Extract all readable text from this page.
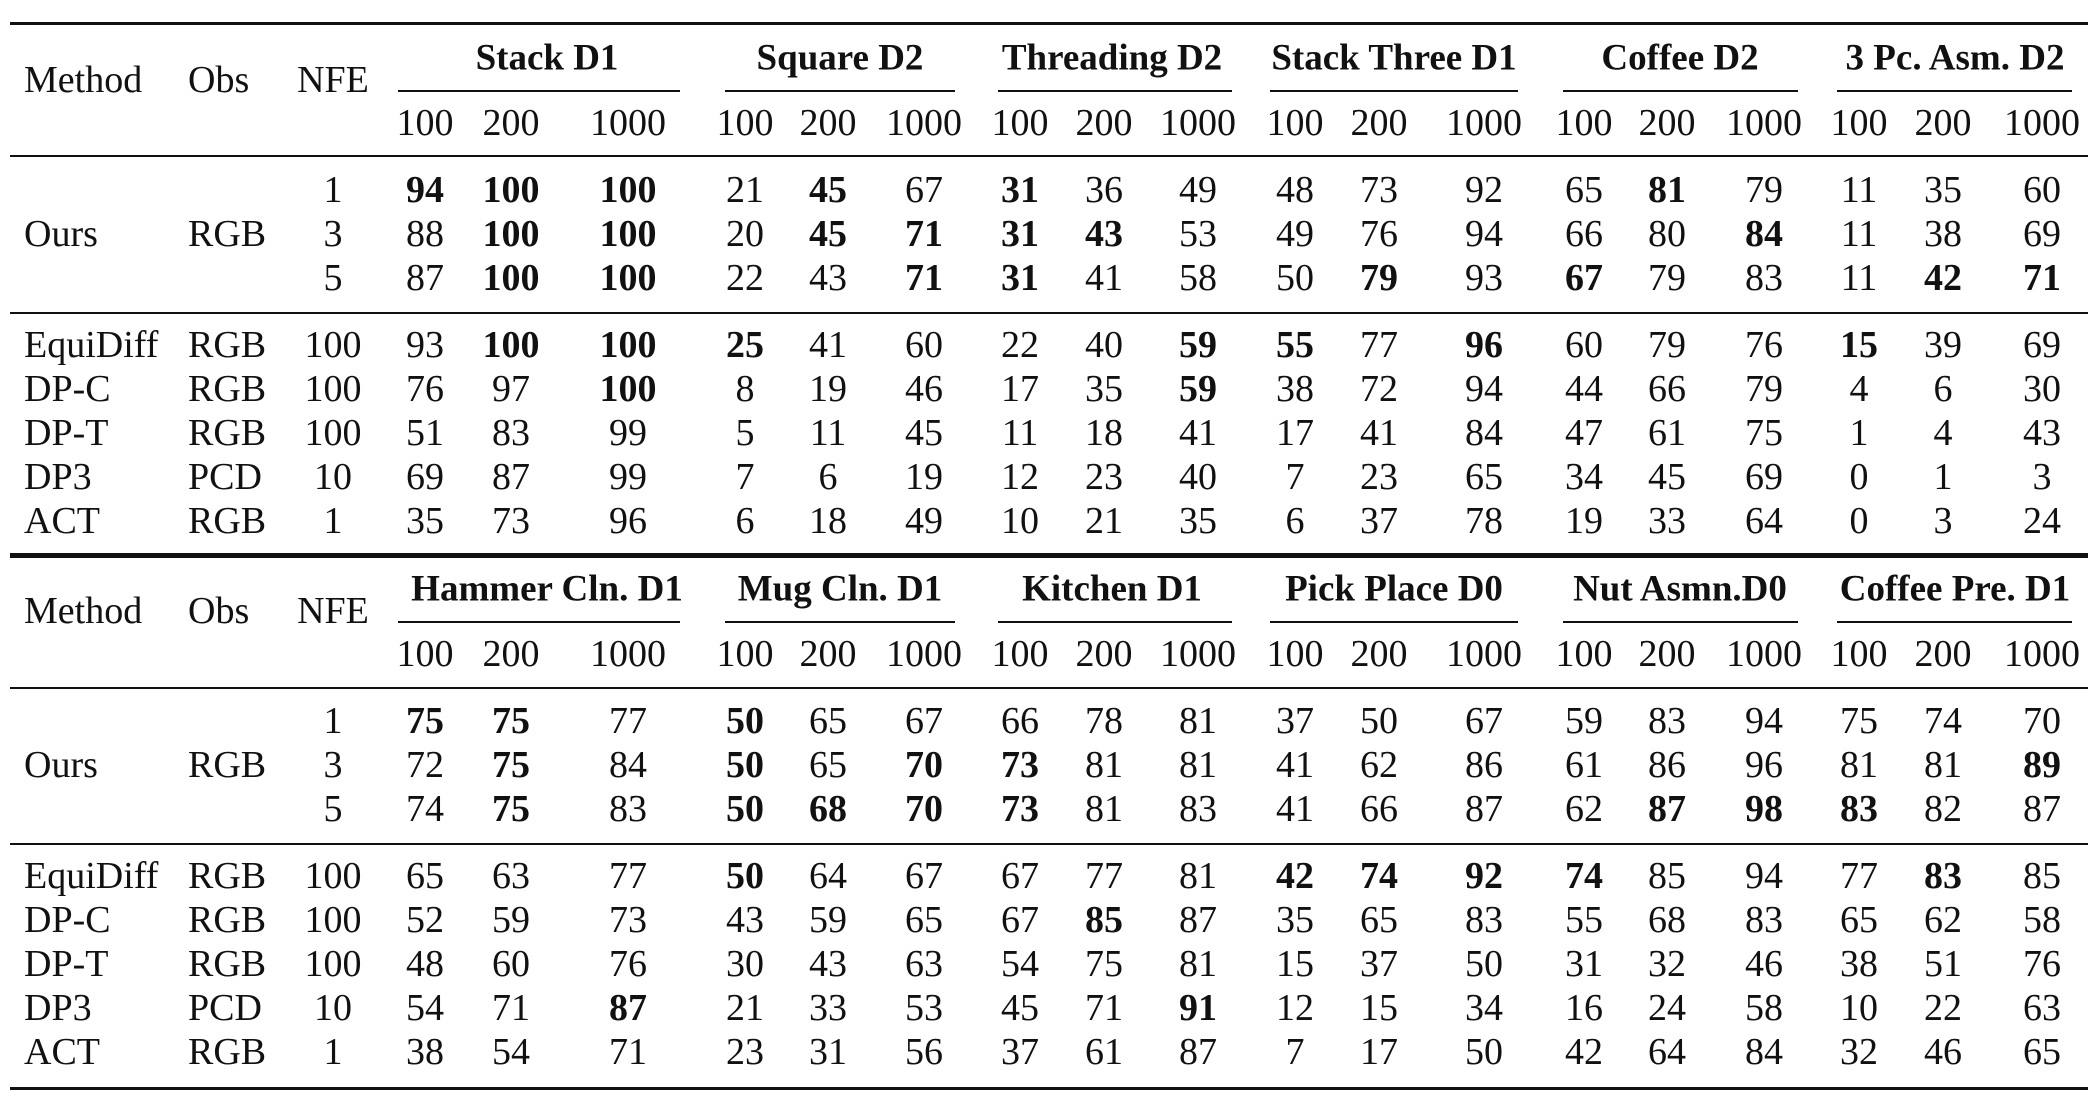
Method Obs NFE
Stack D1
100 200 1000
Square D2
100 200 1000
Threading D2
100 200 1000
Stack Three D1
100 200 1000
Coffee D2
100 200 1000
3 Pc. Asm. D2
100 200 1000
Ours RGB
1 94 100 100 21 45 67 31 36 49 48 73 92 65 81 79 11 35 60
3 88 100 100 20 45 71 31 43 53 49 76 94 66 80 84 11 38 69
5 87 100 100 22 43 71 31 41 58 50 79 93 67 79 83 11 42 71
EquiDiff RGB 100 93 100 100 25 41 60 22 40 59 55 77 96 60 79 76 15 39 69
DP-C RGB 100 76 97 100 8 19 46 17 35 59 38 72 94 44 66 79 4 6 30
DP-T RGB 100 51 83 99 5 11 45 11 18 41 17 41 84 47 61 75 1 4 43
DP3	PCD 10 69 87 99 7 6 19 12 23 40 7 23 65 34 45 69 0 1 3
ACT RGB 1 35 73 96 6 18 49 10 21 35 6 37 78 19 33 64 0 3 24
Method Obs NFE
Hammer Cln. D1
100 200 1000
Mug Cln. D1
100 200 1000
Kitchen D1
100 200 1000
Pick Place D0
100 200 1000
Nut Asmn.D0
100 200 1000
Coffee Pre. D1
100 200 1000
Ours RGB
1 75 75 77 50 65 67 66 78 81 37 50 67 59 83 94 75 74 70
3 72 75 84 50 65 70 73 81 81 41 62 86 61 86 96 81 81 89
5 74 75 83 50 68 70 73 81 83 41 66 87 62 87 98 83 82 87
EquiDiff RGB 100 65 63 77 50 64 67 67 77 81 42 74 92 74 85 94 77 83 85
DP-C RGB 100 52 59 73 43 59 65 67 85 87 35 65 83 55 68 83 65 62 58
DP-T RGB 100 48 60 76 30 43 63 54 75 81 15 37 50 31 32 46 38 51 76
DP3	PCD 10 54 71 87 21 33 53 45 71 91 12 15 34 16 24 58 10 22 63
ACT RGB 1 38 54 71 23 31 56 37 61 87 7 17 50 42 64 84 32 46 65
